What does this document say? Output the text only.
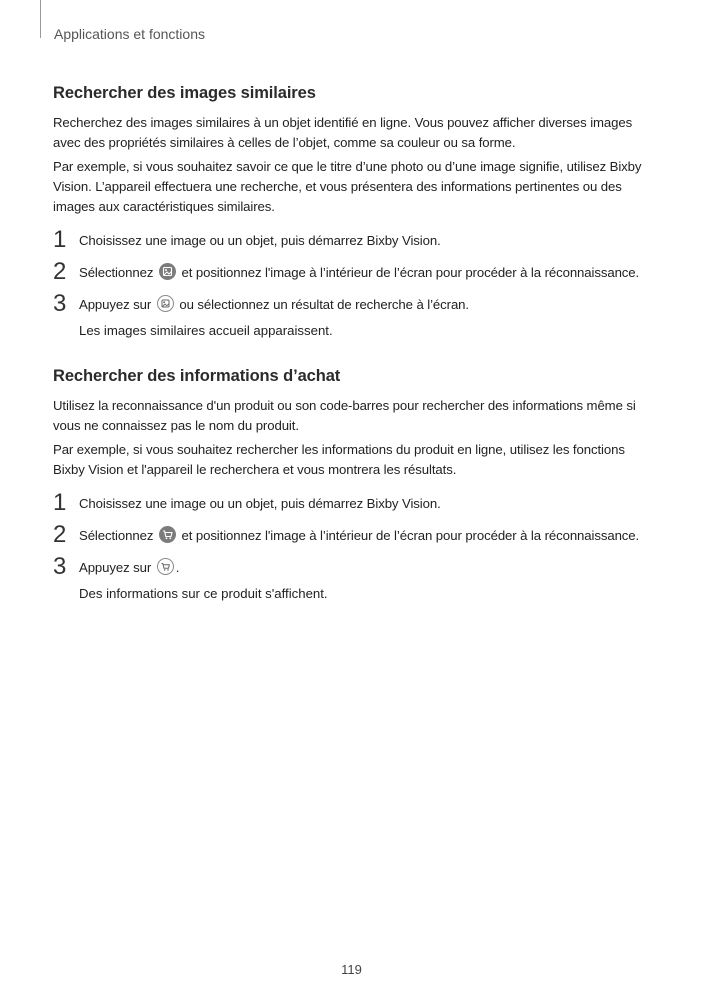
Applications et fonctions
Rechercher des images similaires

Recherchez des images similaires à un objet identifié en ligne. Vous pouvez afficher diverses images avec des propriétés similaires à celles de l’objet, comme sa couleur ou sa forme.

Par exemple, si vous souhaitez savoir ce que le titre d’une photo ou d’une image signifie, utilisez Bixby Vision. L’appareil effectuera une recherche, et vous présentera des informations pertinentes ou des images aux caractéristiques similaires.

1 Choisissez une image ou un objet, puis démarrez Bixby Vision.
2 Sélectionnez et positionnez l'image à l’intérieur de l’écran pour procéder à la réconnaissance.
3 Appuyez sur ou sélectionnez un résultat de recherche à l’écran.
Les images similaires accueil apparaissent.
Rechercher des informations d’achat

Utilisez la reconnaissance d'un produit ou son code-barres pour rechercher des informations même si vous ne connaissez pas le nom du produit.

Par exemple, si vous souhaitez rechercher les informations du produit en ligne, utilisez les fonctions Bixby Vision et l'appareil le recherchera et vous montrera les résultats.

1 Choisissez une image ou un objet, puis démarrez Bixby Vision.
2 Sélectionnez et positionnez l'image à l’intérieur de l’écran pour procéder à la réconnaissance.
3 Appuyez sur .
Des informations sur ce produit s'affichent.
119
